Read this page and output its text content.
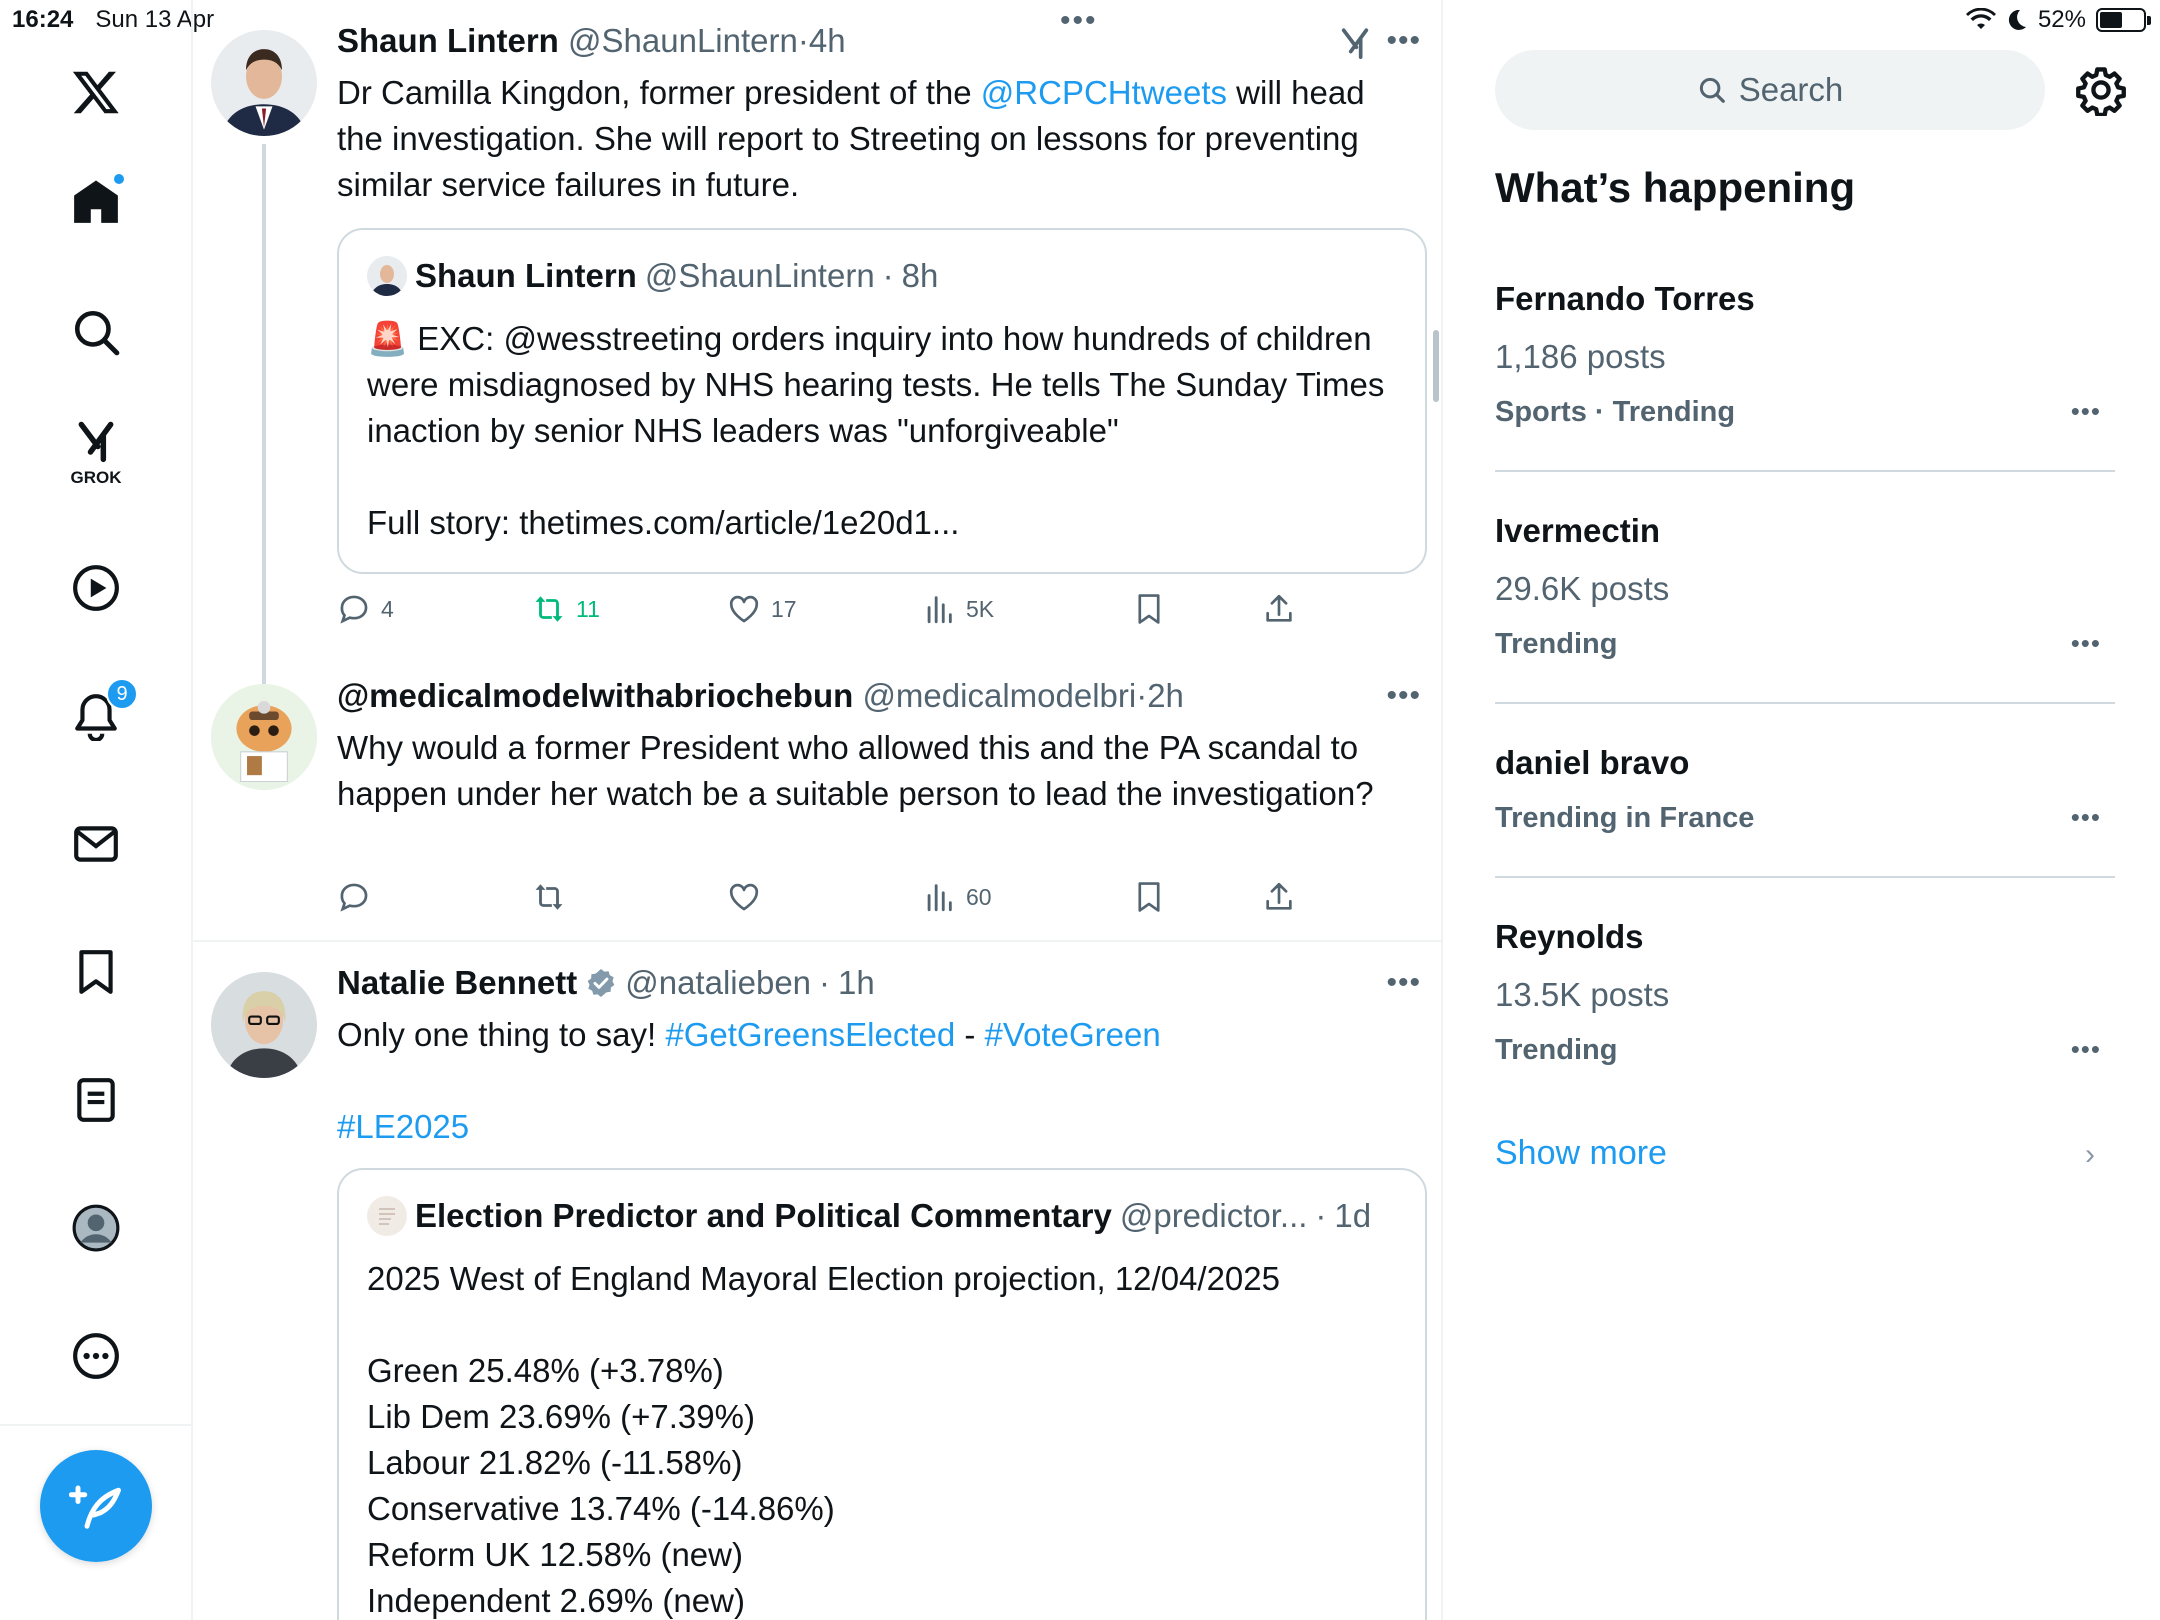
16:24 Sun 13 Apr	•••	52%
GROK
9
Shaun Lintern @ShaunLintern·4h	•••
Dr Camilla Kingdon, former president of the @RCPCHtweets will head the investigation. She will report to Streeting on lessons for preventing similar service failures in future.
Shaun Lintern @ShaunLintern · 8h
🚨 EXC: @wesstreeting orders inquiry into how hundreds of children were misdiagnosed by NHS hearing tests. He tells The Sunday Times inaction by senior NHS leaders was "unforgiveable"

Full story: thetimes.com/article/1e20d1...
4	11	17	5K
@medicalmodelwithabriochebun @medicalmodelbri·2h	•••
Why would a former President who allowed this and the PA scandal to happen under her watch be a suitable person to lead the investigation?
60
Natalie Bennett @natalieben · 1h	•••
Only one thing to say! #GetGreensElected - #VoteGreen
#LE2025
Election Predictor and Political Commentary @predictor... · 1d
2025 West of England Mayoral Election projection, 12/04/2025

Green 25.48% (+3.78%)
Lib Dem 23.69% (+7.39%)
Labour 21.82% (-11.58%)
Conservative 13.74% (-14.86%)
Reform UK 12.58% (new)
Independent 2.69% (new)
Search
What’s happening
Fernando Torres
1,186 posts
Sports · Trending	•••
Ivermectin
29.6K posts
Trending	•••
daniel bravo
Trending in France	•••
Reynolds
13.5K posts
Trending	•••
Show more	›
